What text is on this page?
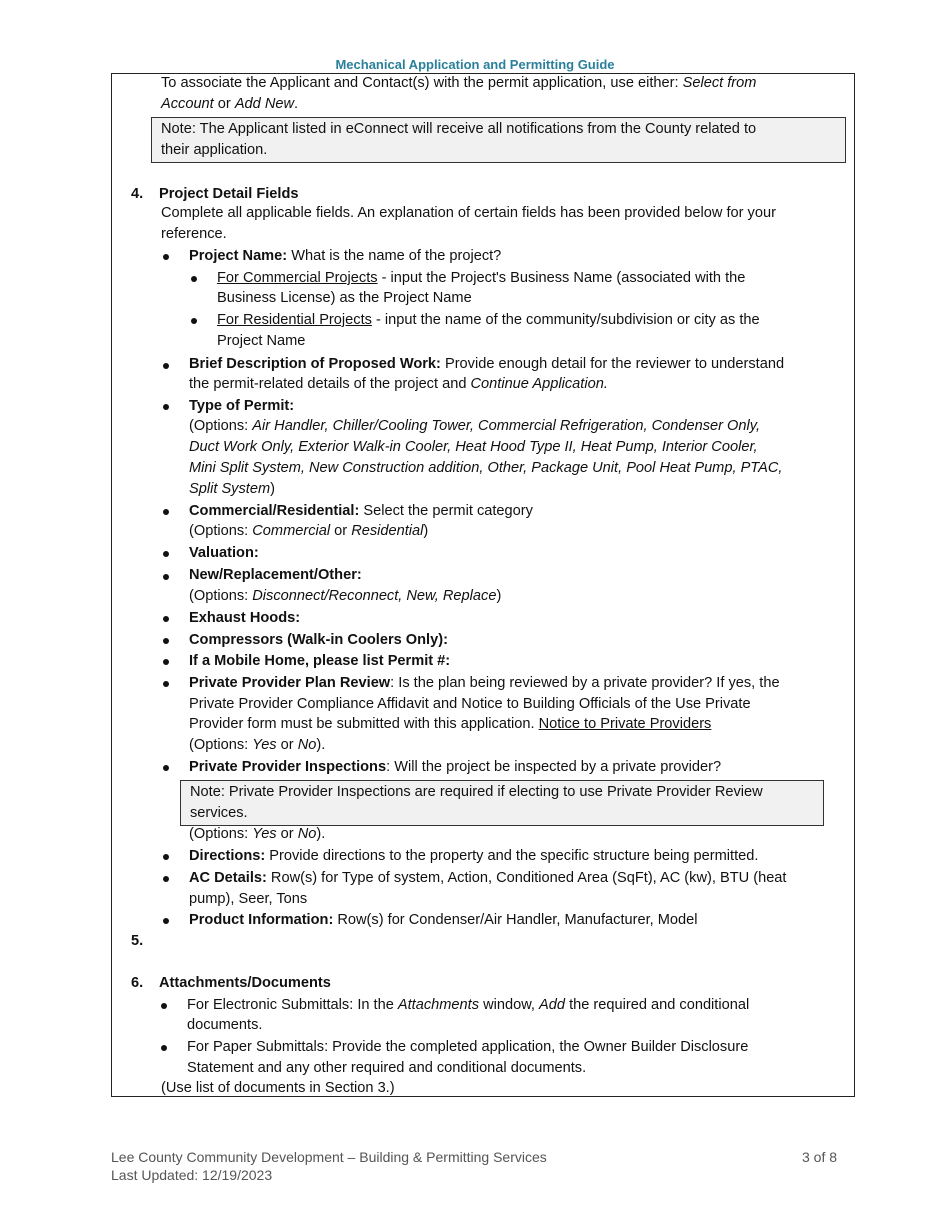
Mechanical Application and Permitting Guide
To associate the Applicant and Contact(s) with the permit application, use either: Select from
Account or Add New.
Note: The Applicant listed in eConnect will receive all notifications from the County related to
their application.
4. Project Detail Fields
Complete all applicable fields. An explanation of certain fields has been provided below for your
reference.
Project Name: What is the name of the project?
For Commercial Projects - input the Project's Business Name (associated with the
Business License) as the Project Name
For Residential Projects - input the name of the community/subdivision or city as the
Project Name
Brief Description of Proposed Work: Provide enough detail for the reviewer to understand
the permit-related details of the project and Continue Application.
Type of Permit:
(Options: Air Handler, Chiller/Cooling Tower, Commercial Refrigeration, Condenser Only,
Duct Work Only, Exterior Walk-in Cooler, Heat Hood Type II, Heat Pump, Interior Cooler,
Mini Split System, New Construction addition, Other, Package Unit, Pool Heat Pump, PTAC,
Split System)
Commercial/Residential: Select the permit category
(Options: Commercial or Residential)
Valuation:
New/Replacement/Other:
(Options: Disconnect/Reconnect, New, Replace)
Exhaust Hoods:
Compressors (Walk-in Coolers Only):
If a Mobile Home, please list Permit #:
Private Provider Plan Review: Is the plan being reviewed by a private provider? If yes, the
Private Provider Compliance Affidavit and Notice to Building Officials of the Use Private
Provider form must be submitted with this application. Notice to Private Providers
(Options: Yes or No).
Private Provider Inspections: Will the project be inspected by a private provider?
Note: Private Provider Inspections are required if electing to use Private Provider Review
services.
(Options: Yes or No).
Directions: Provide directions to the property and the specific structure being permitted.
AC Details: Row(s) for Type of system, Action, Conditioned Area (SqFt), AC (kw), BTU (heat
pump), Seer, Tons
Product Information: Row(s) for Condenser/Air Handler, Manufacturer, Model
5.
6. Attachments/Documents
For Electronic Submittals: In the Attachments window, Add the required and conditional
documents.
For Paper Submittals: Provide the completed application, the Owner Builder Disclosure
Statement and any other required and conditional documents.
(Use list of documents in Section 3.)
Lee County Community Development – Building & Permitting Services
Last Updated: 12/19/2023
3 of 8
